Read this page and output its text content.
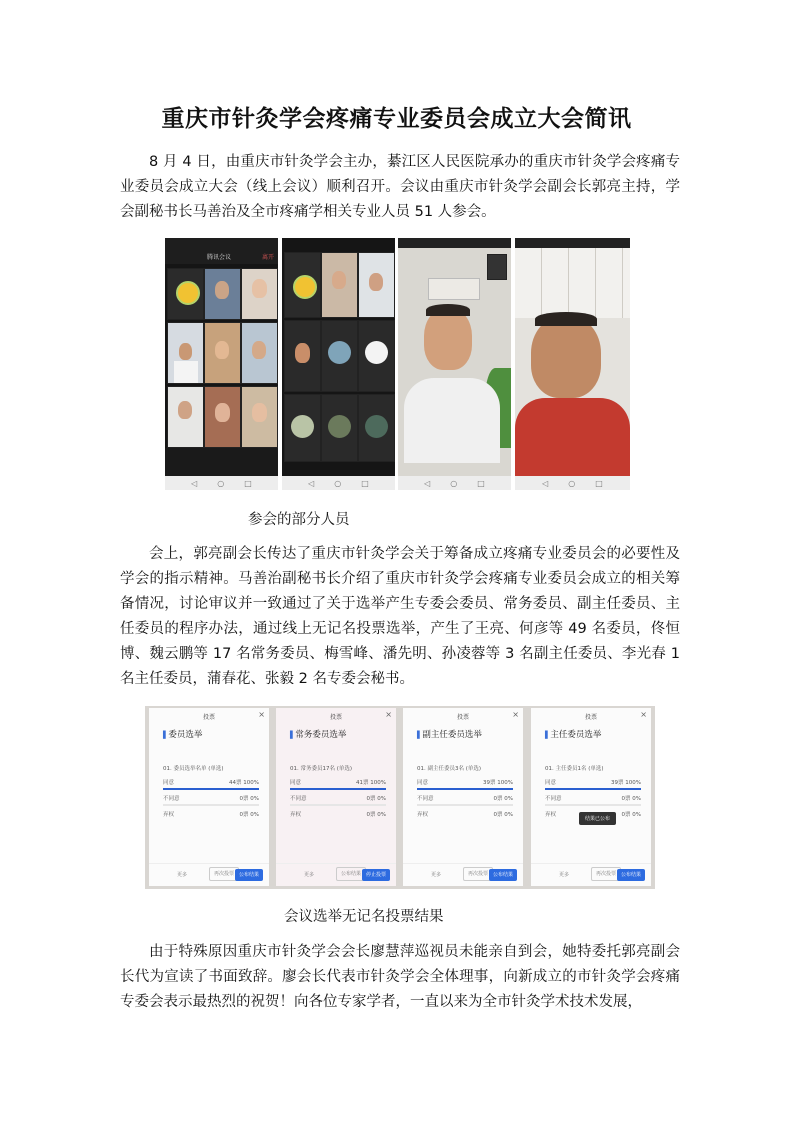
重庆市针灸学会疼痛专业委员会成立大会简讯

8 月 4 日，由重庆市针灸学会主办，綦江区人民医院承办的重庆市针灸学会疼痛专业委员会成立大会（线上会议）顺利召开。会议由重庆市针灸学会副会长郭亮主持，学会副秘书长马善治及全市疼痛学相关专业人员 51 人参会。

腾讯会议	离开
◁	○	□	◁	○	□	◁	○	□	◁	○	□
参会的部分人员

会上，郭亮副会长传达了重庆市针灸学会关于筹备成立疼痛专业委员会的必要性及学会的指示精神。马善治副秘书长介绍了重庆市针灸学会疼痛专业委员会成立的相关筹备情况，讨论审议并一致通过了关于选举产生专委会委员、常务委员、副主任委员、主任委员的程序办法，通过线上无记名投票选举，产生了王亮、何彦等 49 名委员，佟恒博、魏云鹏等 17 名常务委员、梅雪峰、潘先明、孙凌蓉等 3 名副主任委员、李光春 1 名主任委员，蒲春花、张毅 2 名专委会秘书。

投票	×
▌ 委员选举
01. 委员选举名单 (单选)
同意	44票 100%
不同意	0票 0%
弃权	0票 0%
更多	再次投票 公布结果
投票	×
▌ 常务委员选举
01. 常务委员17名 (单选)
同意	41票 100%
不同意	0票 0%
弃权	0票 0%
更多	公布结果 停止投票
投票	×
▌ 副主任委员选举
01. 副主任委员3名 (单选)
同意	39票 100%
不同意	0票 0%
弃权	0票 0%
更多	再次投票 公布结果
投票	×
▌ 主任委员选举
01. 主任委员1名 (单选)
同意	39票 100%
不同意	0票 0%
结果已公布
弃权	0票 0%
更多	再次投票 公布结果
会议选举无记名投票结果

由于特殊原因重庆市针灸学会会长廖慧萍巡视员未能亲自到会，她特委托郭亮副会长代为宣读了书面致辞。廖会长代表市针灸学会全体理事，向新成立的市针灸学会疼痛专委会表示最热烈的祝贺！向各位专家学者，一直以来为全市针灸学术技术发展，
